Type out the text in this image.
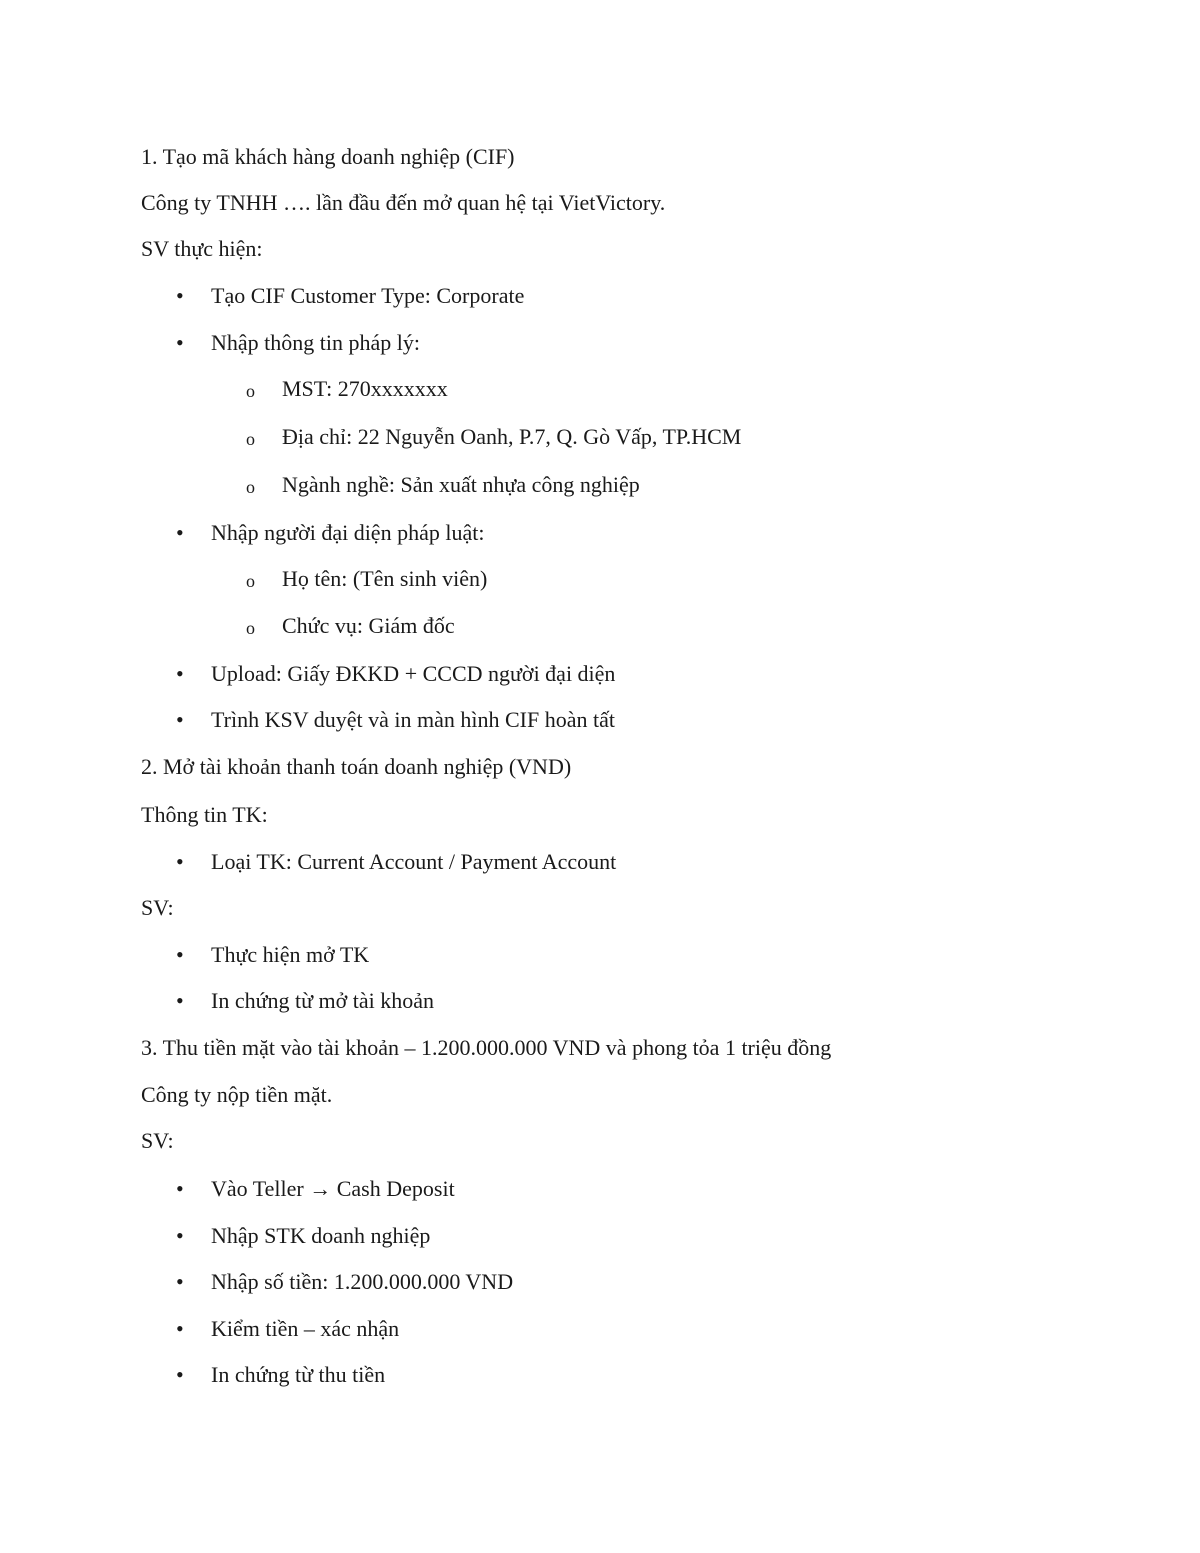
1. Tạo mã khách hàng doanh nghiệp (CIF)
Công ty TNHH …. lần đầu đến mở quan hệ tại VietVictory.
SV thực hiện:
•	Tạo CIF Customer Type: Corporate
•	Nhập thông tin pháp lý:
o MST: 270xxxxxxx
o Địa chỉ: 22 Nguyễn Oanh, P.7, Q. Gò Vấp, TP.HCM
o Ngành nghề: Sản xuất nhựa công nghiệp
•	Nhập người đại diện pháp luật:
o Họ tên: (Tên sinh viên)
o Chức vụ: Giám đốc
•	Upload: Giấy ĐKKD + CCCD người đại diện
•	Trình KSV duyệt và in màn hình CIF hoàn tất
2. Mở tài khoản thanh toán doanh nghiệp (VND)
Thông tin TK:
•	Loại TK: Current Account / Payment Account
SV:
•	Thực hiện mở TK
•	In chứng từ mở tài khoản
3. Thu tiền mặt vào tài khoản – 1.200.000.000 VND và phong tỏa 1 triệu đồng
Công ty nộp tiền mặt.
SV:
•	Vào Teller → Cash Deposit
•	Nhập STK doanh nghiệp
•	Nhập số tiền: 1.200.000.000 VND
•	Kiểm tiền – xác nhận
•	In chứng từ thu tiền
